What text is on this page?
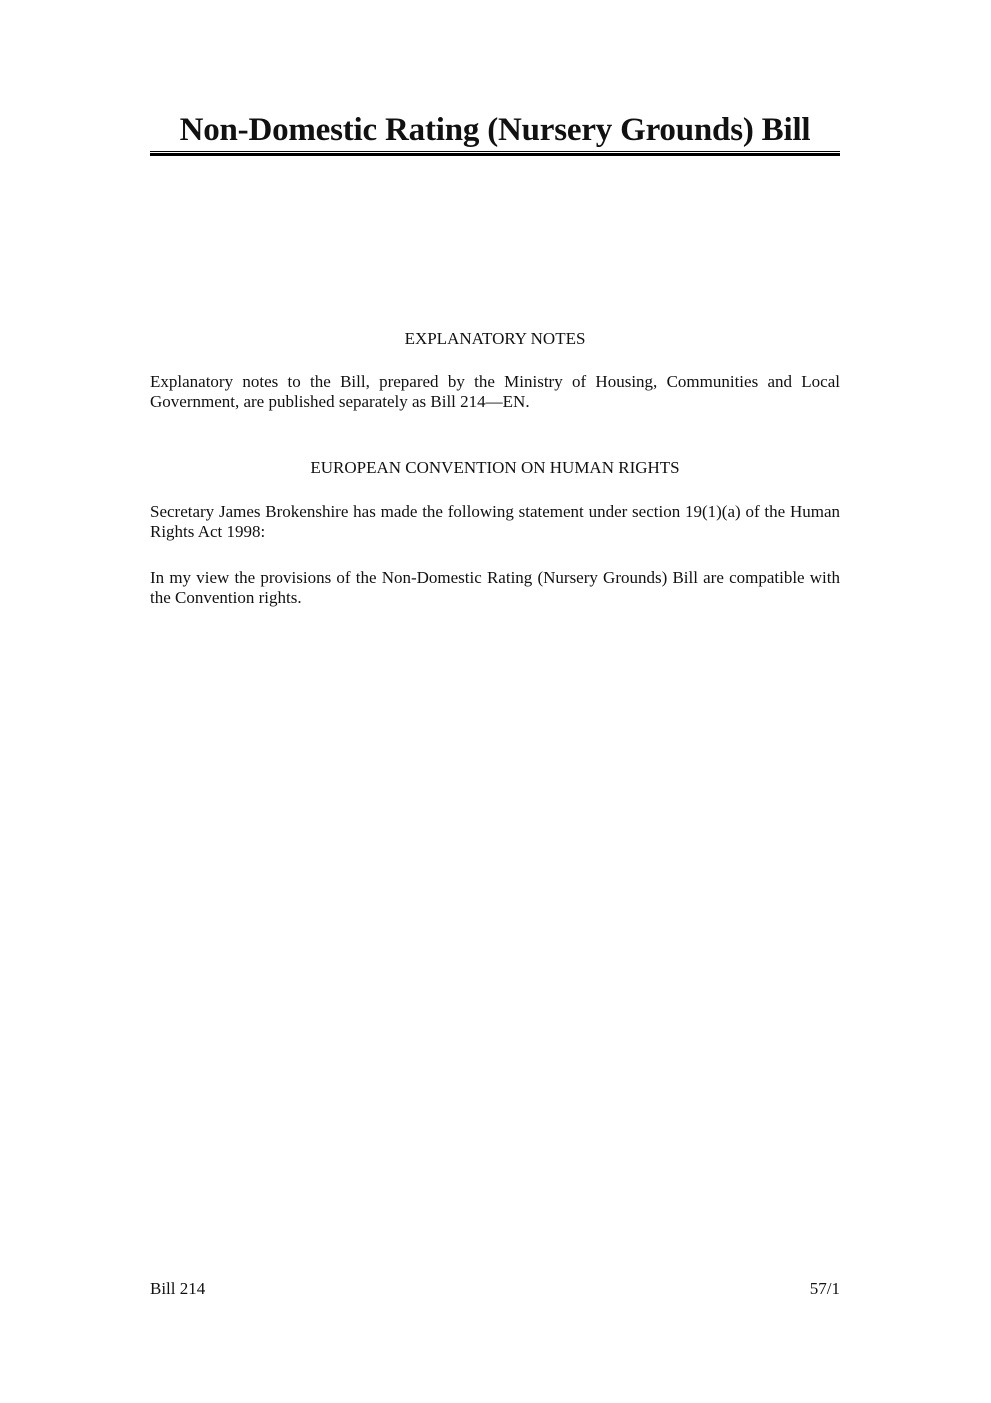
Non-Domestic Rating (Nursery Grounds) Bill
EXPLANATORY NOTES
Explanatory notes to the Bill, prepared by the Ministry of Housing, Communities and Local Government, are published separately as Bill 214—EN.
EUROPEAN CONVENTION ON HUMAN RIGHTS
Secretary James Brokenshire has made the following statement under section 19(1)(a) of the Human Rights Act 1998:
In my view the provisions of the Non-Domestic Rating (Nursery Grounds) Bill are compatible with the Convention rights.
Bill 214	57/1
